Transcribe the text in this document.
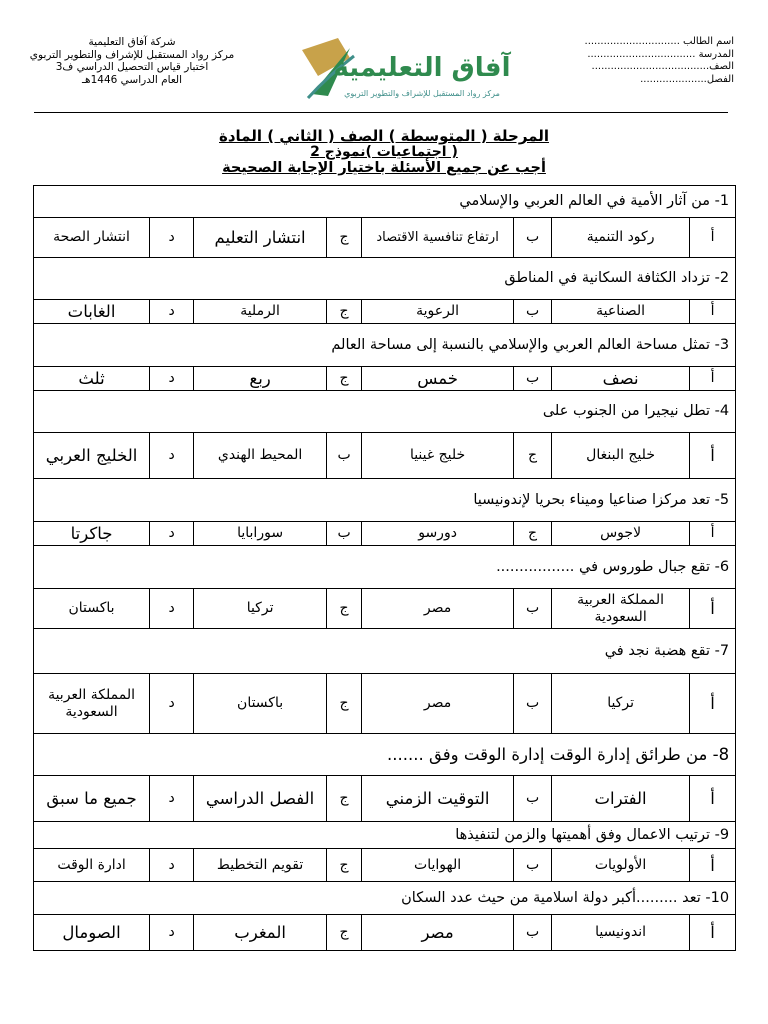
اسم الطالب ..............................
المدرسة ..................................
الصف.....................................
الفصل.....................
آفاق التعليمية
مركز رواد المستقبل للإشراف والتطوير التربوي
شركة آفاق التعليمية
مركز رواد المستقبل للإشراف والتطوير التربوي
اختبار قياس التحصيل الدراسي ف3
العام الدراسي 1446هـ
المرحلة ( المتوسطة ) الصف ( الثاني ) المادة
( اجتماعيات )نموذج 2
أجب عن جميع الأسئلة باختيار الإجابة الصحيحة
1- من آثار الأمية في العالم العربي والإسلامي							
أ	ركود التنمية	ب	ارتفاع تنافسية الاقتصاد	ج	انتشار التعليم	د	انتشار الصحة
2- تزداد الكثافة السكانية في المناطق							
أ	الصناعية	ب	الرعوية	ج	الرملية	د	الغابات
3- تمثل مساحة العالم العربي والإسلامي بالنسبة إلى مساحة العالم							
أ	نصف	ب	خمس	ج	ربع	د	ثلث
4- تطل نيجيرا من الجنوب على							
أ	خليج البنغال	ج	خليج غينيا	ب	المحيط الهندي	د	الخليج العربي
5- تعد مركزا صناعيا وميناء بحريا لإندونيسيا							
أ	لاجوس	ج	دورسو	ب	سورابايا	د	جاكرتا
6- تقع جبال طوروس في .................							
أ	المملكة العربية السعودية	ب	مصر	ج	تركيا	د	باكستان
7- تقع هضبة نجد في							
أ	تركيا	ب	مصر	ج	باكستان	د	المملكة العربية السعودية
8- من طرائق إدارة الوقت إدارة الوقت وفق .......							
أ	الفترات	ب	التوقيت الزمني	ج	الفصل الدراسي	د	جميع ما سبق
9- ترتيب الاعمال وفق أهميتها والزمن لتنفيذها							
أ	الأولويات	ب	الهوايات	ج	تقويم التخطيط	د	ادارة الوقت
10- تعد .........أكبر دولة اسلامية من حيث عدد السكان							
أ	اندونيسيا	ب	مصر	ج	المغرب	د	الصومال
